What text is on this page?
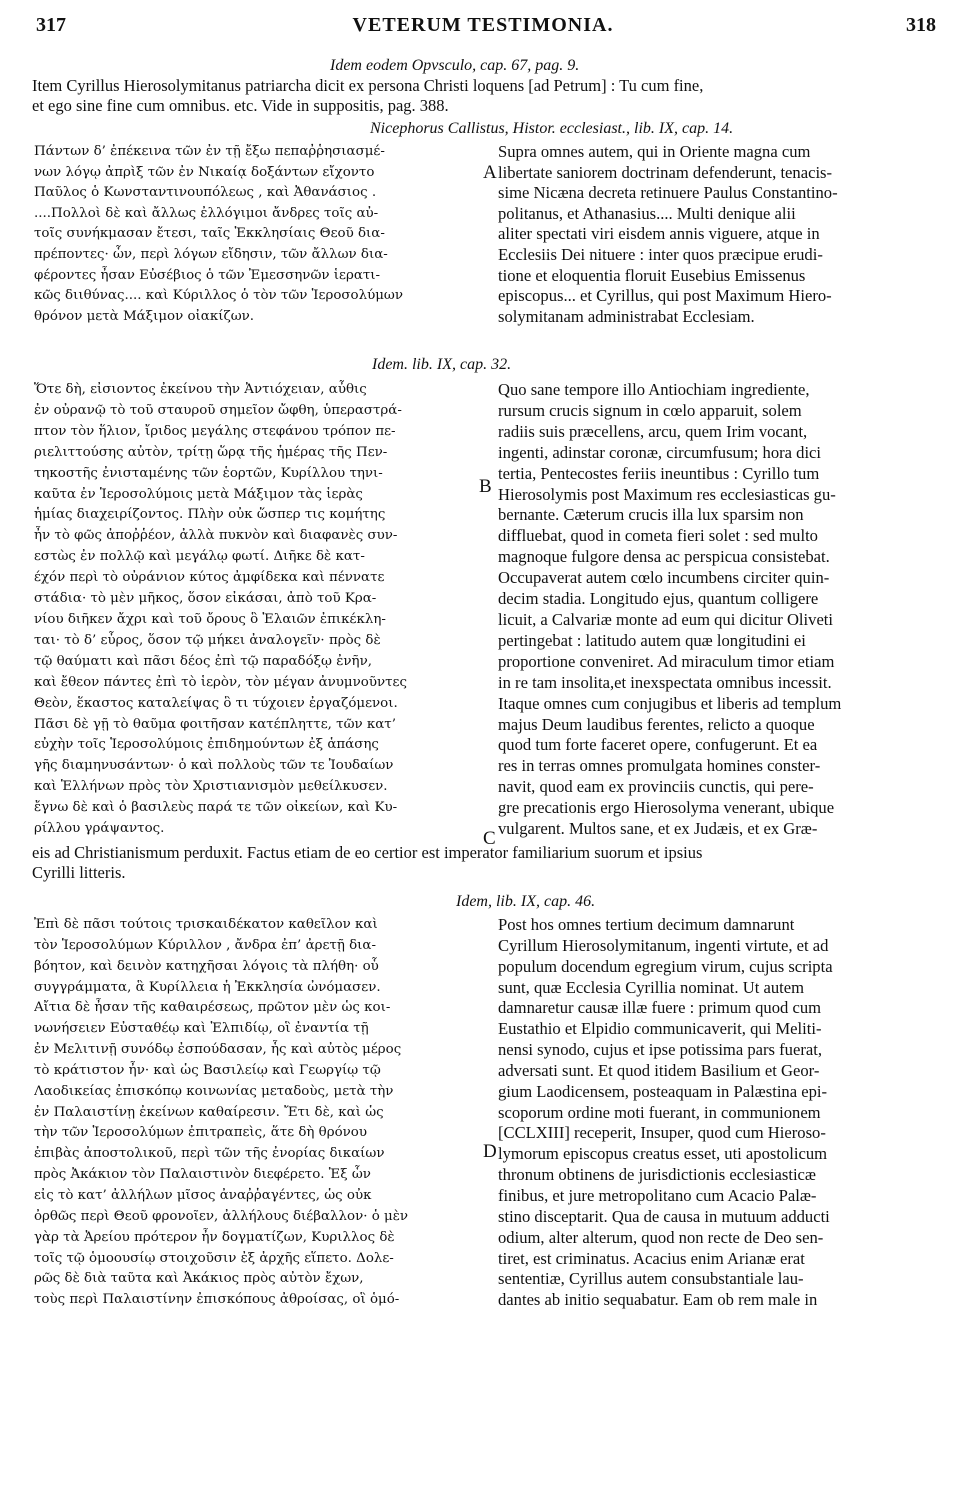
317	VETERUM TESTIMONIA.	318
Idem eodem Opvsculo, cap. 67, pag. 9.
Item Cyrillus Hierosolymitanus patriarcha dicit ex persona Christi loquens [ad Petrum] : Tu cum fine,
et ego sine fine cum omnibus. etc. Vide in suppositis, pag. 388.
Nicephorus Callistus, Histor. ecclesiast., lib. IX, cap. 14.
Πάντων δ’ ἐπέκεινα τῶν ἐν τῇ ἔξω πεπαῤῥησιασμέ-
νων λόγῳ ἀπρὶξ τῶν ἐν Νικαίᾳ δοξάντων εἴχοντο
Παῦλος ὁ Κωνσταντινουπόλεως , καὶ Ἀθανάσιος .
....Πολλοὶ δὲ καὶ ἄλλως ἐλλόγιμοι ἄνδρες τοῖς αὐ-
τοῖς συνήκμασαν ἔτεσι, ταῖς Ἐκκλησίαις Θεοῦ δια-
πρέποντες· ὧν, περὶ λόγων εἴδησιν, τῶν ἄλλων δια-
φέροντες ἦσαν Εὐσέβιος ὁ τῶν Ἐμεσσηνῶν ἱερατι-
κῶς διιθύνας.... καὶ Κύριλλος ὁ τὸν τῶν Ἱεροσολύμων
θρόνον μετὰ Μάξιμον οἰακίζων.
A
Supra omnes autem, qui in Oriente magna cum
libertate saniorem doctrinam defenderunt, tenacis-
sime Nicæna decreta retinuere Paulus Constantino-
politanus, et Athanasius.... Multi denique alii
aliter spectati viri eisdem annis viguere, atque in
Ecclesiis Dei nituere : inter quos præcipue erudi-
tione et eloquentia floruit Eusebius Emissenus
episcopus... et Cyrillus, qui post Maximum Hiero-
solymitanam administrabat Ecclesiam.
Idem. lib. IX, cap. 32.
Ὅτε δὴ, εἰσιοντος ἐκείνου τὴν Ἀντιόχειαν, αὖθις
ἐν οὐρανῷ τὸ τοῦ σταυροῦ σημεῖον ὤφθη, ὑπεραστρά-
πτον τὸν ἥλιον, ἴριδος μεγάλης στεφάνου τρόπον πε-
ριελιττούσης αὐτὸν, τρίτῃ ὥρᾳ τῆς ἡμέρας τῆς Πεν-
τηκοστῆς ἐνισταμένης τῶν ἑορτῶν, Κυρίλλου τηνι-
καῦτα ἐν Ἱεροσολύμοις μετὰ Μάξιμον τὰς ἱερὰς
ἡμίας διαχειρίζοντος. Πλὴν οὐκ ὥσπερ τις κομήτης
ἦν τὸ φῶς ἀποῤῥέον, ἀλλὰ πυκνὸν καὶ διαφανὲς συν-
εστὼς ἐν πολλῷ καὶ μεγάλῳ φωτί. Διῆκε δὲ κατ-
έχόν περὶ τὸ οὐράνιον κύτος ἀμφίδεκα καὶ πέννατε
στάδια· τὸ μὲν μῆκος, ὅσον εἰκάσαι, ἀπὸ τοῦ Κρα-
νίου διῆκεν ἄχρι καὶ τοῦ ὄρους ὃ Ἐλαιῶν ἐπικέκλη-
ται· τὸ δ’ εὖρος, ὅσον τῷ μήκει ἀναλογεῖν· πρὸς δὲ
τῷ θαύματι καὶ πᾶσι δέος ἐπὶ τῷ παραδόξῳ ἐνῆν,
καὶ ἔθεον πάντες ἐπὶ τὸ ἱερὸν, τὸν μέγαν ἀνυμνοῦντες
Θεὸν, ἕκαστος καταλείψας ὃ τι τύχοιεν ἐργαζόμενοι.
Πᾶσι δὲ γῇ τὸ θαῦμα φοιτῆσαν κατέπληττε, τῶν κατ’
εὐχὴν τοῖς Ἱεροσολύμοις ἐπιδημούντων ἐξ ἁπάσης
γῆς διαμηνυσάντων· ὁ καὶ πολλοὺς τῶν τε Ἰουδαίων
καὶ Ἑλλήνων πρὸς τὸν Χριστιανισμὸν μεθείλκυσεν.
ἔγνω δὲ καὶ ὁ βασιλεὺς παρά τε τῶν οἰκείων, καὶ Κυ-
ρίλλου γράψαντος.
B
C
Quo sane tempore illo Antiochiam ingrediente,
rursum crucis signum in cœlo apparuit, solem
radiis suis præcellens, arcu, quem Irim vocant,
ingenti, adinstar coronæ, circumfusum; hora dici
tertia, Pentecostes feriis ineuntibus : Cyrillo tum
Hierosolymis post Maximum res ecclesiasticas gu-
bernante. Cæterum crucis illa lux sparsim non
diffluebat, quod in cometa fieri solet : sed multo
magnoque fulgore densa ac perspicua consistebat.
Occupaverat autem cœlo incumbens circiter quin-
decim stadia. Longitudo ejus, quantum colligere
licuit, a Calvariæ monte ad eum qui dicitur Oliveti
pertingebat : latitudo autem quæ longitudini ei
proportione conveniret. Ad miraculum timor etiam
in re tam insolita,et inexspectata omnibus incessit.
Itaque omnes cum conjugibus et liberis ad templum
majus Deum laudibus ferentes, relicto a quoque
quod tum forte faceret opere, confugerunt. Et ea
res in terras omnes promulgata homines conster-
navit, quod eam ex provinciis cunctis, qui pere-
gre precationis ergo Hierosolyma venerant, ubique
vulgarent. Multos sane, et ex Judæis, et ex Græ-
eis ad Christianismum perduxit. Factus etiam de eo certior est imperator familiarium suorum et ipsius
Cyrilli litteris.
Idem, lib. IX, cap. 46.
Ἐπὶ δὲ πᾶσι τούτοις τρισκαιδέκατον καθεῖλον καὶ
τὸν Ἱεροσολύμων Κύριλλον , ἄνδρα ἐπ’ ἀρετῇ δια-
βόητον, καὶ δεινὸν κατηχῆσαι λόγοις τὰ πλήθη· οὗ
συγγράμματα, ἃ Κυρίλλεια ἡ Ἐκκλησία ὠνόμασεν.
Αἴτια δὲ ἦσαν τῆς καθαιρέσεως, πρῶτον μὲν ὡς κοι-
νωνήσειεν Εὐσταθέῳ καὶ Ἐλπιδίῳ, οἳ ἐναντία τῇ
ἐν Μελιτινῇ συνόδῳ ἐσπούδασαν, ἧς καὶ αὐτὸς μέρος
τὸ κράτιστον ἦν· καὶ ὡς Βασιλείῳ καὶ Γεωργίῳ τῷ
Λαοδικείας ἐπισκόπῳ κοινωνίας μεταδοὺς, μετὰ τὴν
ἐν Παλαιστίνῃ ἐκείνων καθαίρεσιν. Ἔτι δὲ, καὶ ὡς
τὴν τῶν Ἱεροσολύμων ἐπιτραπεὶς, ἅτε δὴ θρόνου
ἐπιβὰς ἀποστολικοῦ, περὶ τῶν τῆς ἐνορίας δικαίων
πρὸς Ἀκάκιον τὸν Παλαιστινὸν διεφέρετο. Ἐξ ὧν
εἰς τὸ κατ’ ἀλλήλων μῖσος ἀναῤῥαγέντες, ὡς οὐκ
ὀρθῶς περὶ Θεοῦ φρονοῖεν, ἀλλήλους διέβαλλον· ὁ μὲν
γὰρ τὰ Ἀρείου πρότερον ἦν δογματίζων, Κυριλλος δὲ
τοῖς τῷ ὁμοουσίῳ στοιχοῦσιν ἐξ ἀρχῆς εἵπετο. Δολε-
ρῶς δὲ διὰ ταῦτα καὶ Ἀκάκιος πρὸς αὐτὸν ἔχων,
τοὺς περὶ Παλαιστίνην ἐπισκόπους ἀθροίσας, οἳ ὁμό-
D
Post hos omnes tertium decimum damnarunt
Cyrillum Hierosolymitanum, ingenti virtute, et ad
populum docendum egregium virum, cujus scripta
sunt, quæ Ecclesia Cyrillia nominat. Ut autem
damnaretur causæ illæ fuere : primum quod cum
Eustathio et Elpidio communicaverit, qui Meliti-
nensi synodo, cujus et ipse potissima pars fuerat,
adversati sunt. Et quod itidem Basilium et Geor-
gium Laodicensem, posteaquam in Palæstina epi-
scoporum ordine moti fuerant, in communionem
[CCLXIII] receperit, Insuper, quod cum Hieroso-
lymorum episcopus creatus esset, uti apostolicum
thronum obtinens de jurisdictionis ecclesiasticæ
finibus, et jure metropolitano cum Acacio Palæ-
stino disceptarit. Qua de causa in mutuum adducti
odium, alter alterum, quod non recte de Deo sen-
tiret, est criminatus. Acacius enim Arianæ erat
sententiæ, Cyrillus autem consubstantiale lau-
dantes ab initio sequabatur. Eam ob rem male in
